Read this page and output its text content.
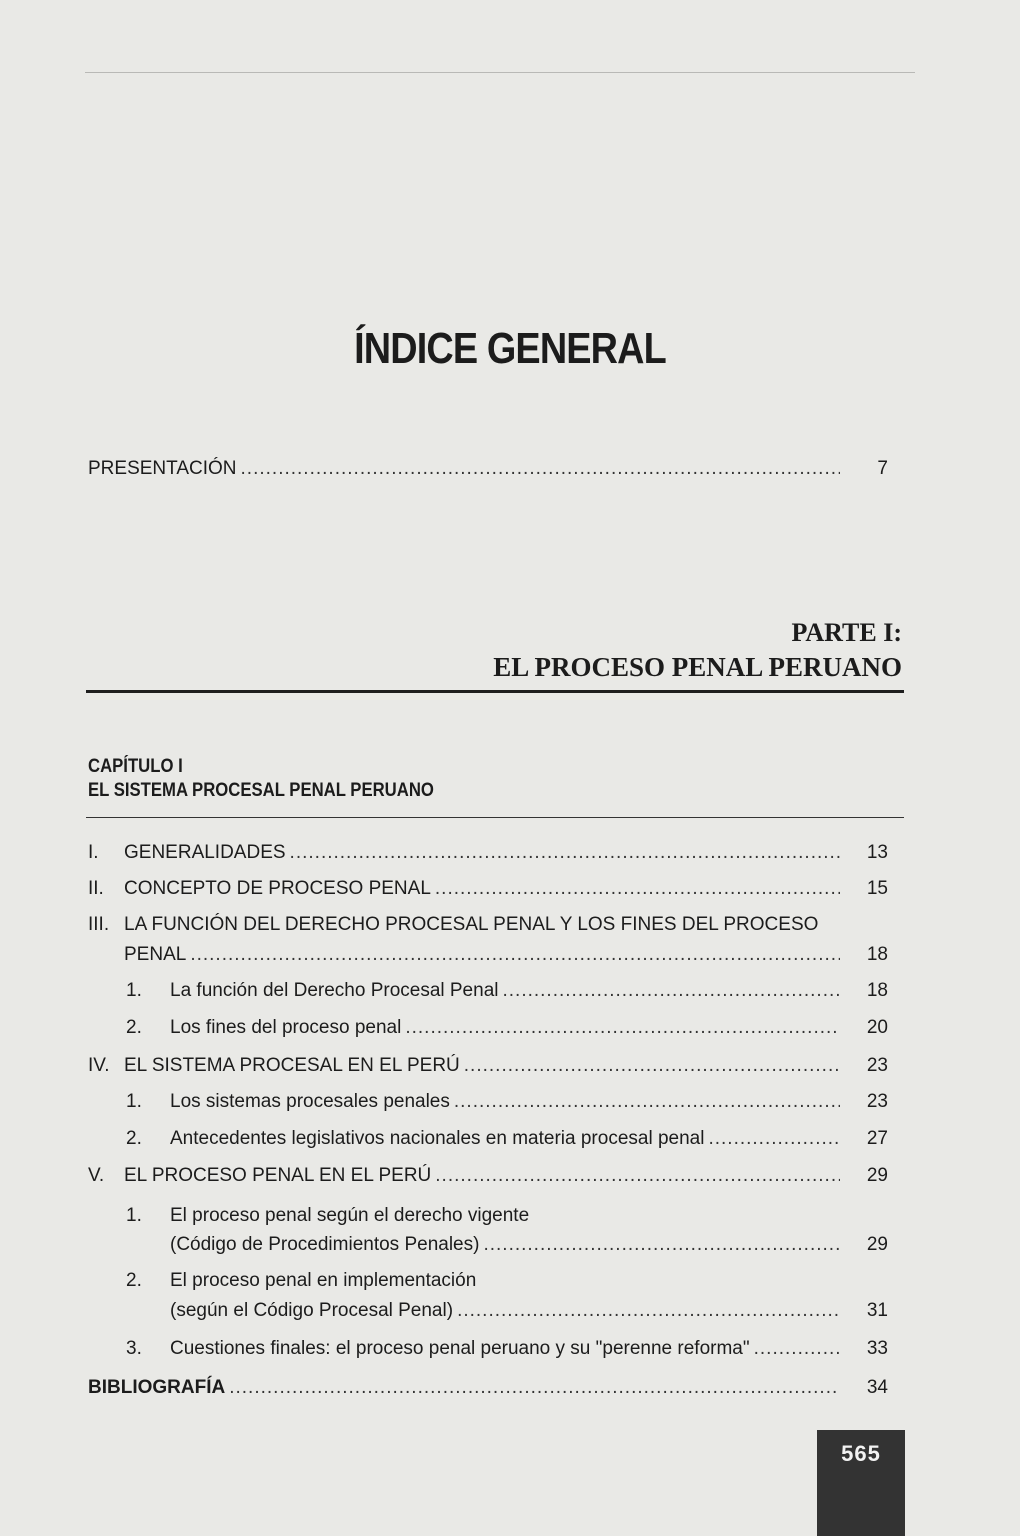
ÍNDICE GENERAL
PRESENTACIÓN .....	7
PARTE I:
EL PROCESO PENAL PERUANO
CAPÍTULO I
EL SISTEMA PROCESAL PENAL PERUANO
I.	GENERALIDADES .....	13
II.	CONCEPTO DE PROCESO PENAL .....	15
III. LA FUNCIÓN DEL DERECHO PROCESAL PENAL Y LOS FINES DEL PROCESO
PENAL .....	18
1.	La función del Derecho Procesal Penal .....	18
2.	Los fines del proceso penal .....	20
IV. EL SISTEMA PROCESAL EN EL PERÚ .....	23
1.	Los sistemas procesales penales .....	23
2.	Antecedentes legislativos nacionales en materia procesal penal .....	27
V.	EL PROCESO PENAL EN EL PERÚ .....	29
1.	El proceso penal según el derecho vigente
(Código de Procedimientos Penales) .....	29
2.	El proceso penal en implementación
(según el Código Procesal Penal) .....	31
3.	Cuestiones finales: el proceso penal peruano y su "perenne reforma" .....	33
BIBLIOGRAFÍA .....	34
565
